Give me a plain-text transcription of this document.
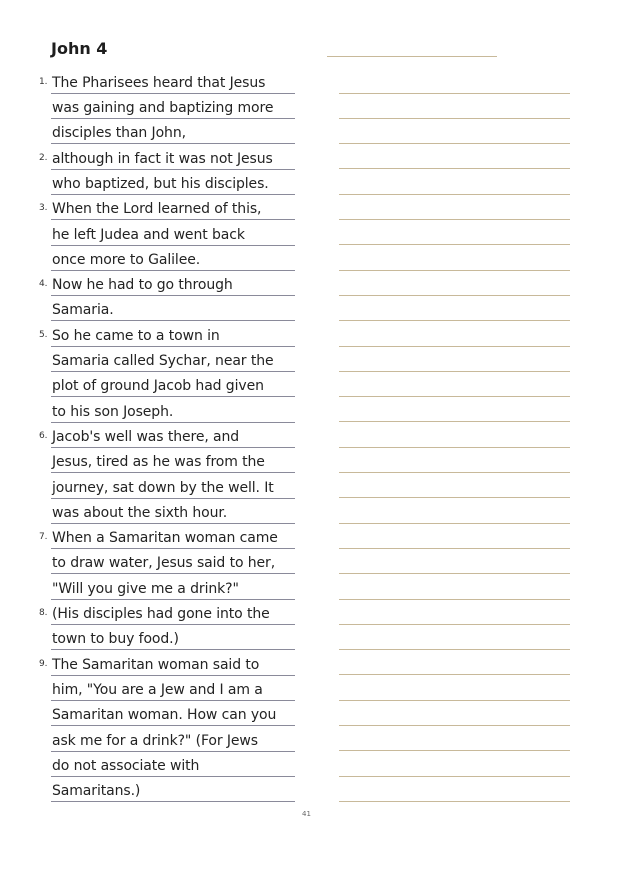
John 4
1. The Pharisees heard that Jesus
was gaining and baptizing more
disciples than John,
2. although in fact it was not Jesus
who baptized, but his disciples.
3. When the Lord learned of this,
he left Judea and went back
once more to Galilee.
4. Now he had to go through
Samaria.
5. So he came to a town in
Samaria called Sychar, near the
plot of ground Jacob had given
to his son Joseph.
6. Jacob's well was there, and
Jesus, tired as he was from the
journey, sat down by the well. It
was about the sixth hour.
7. When a Samaritan woman came
to draw water, Jesus said to her,
"Will you give me a drink?"
8. (His disciples had gone into the
town to buy food.)
9. The Samaritan woman said to
him, "You are a Jew and I am a
Samaritan woman. How can you
ask me for a drink?" (For Jews
do not associate with
Samaritans.)
41
